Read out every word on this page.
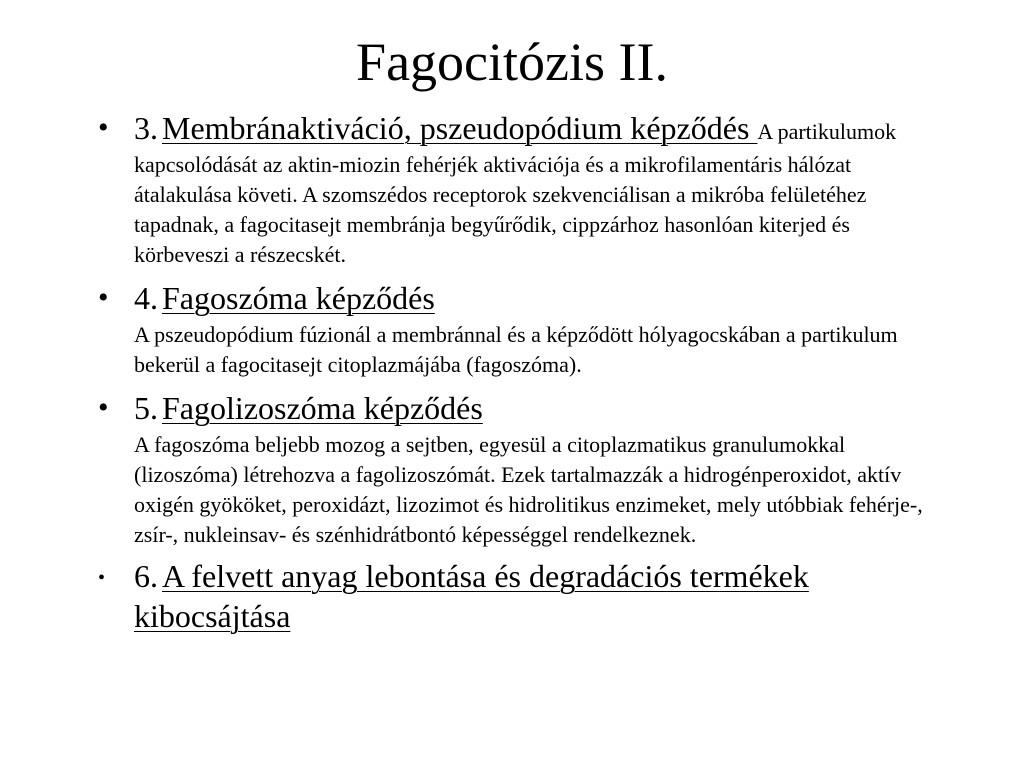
Fagocitózis II.
• 3. Membránaktiváció, pszeudopódium képződés A partikulumok kapcsolódását az aktin-miozin fehérjék aktivációja és a mikrofilamentáris hálózat átalakulása követi. A szomszédos receptorok szekvenciálisan a mikróba felületéhez tapadnak, a fagocitasejt membránja begyűrődik, cippzárhoz hasonlóan kiterjed és körbeveszi a részecskét.
• 4. Fagoszóma képződés
A pszeudopódium fúzionál a membránnal és a képződött hólyagocskában a partikulum bekerül a fagocitasejt citoplazmájába (fagoszóma).
• 5. Fagolizoszóma képződés
A fagoszóma beljebb mozog a sejtben, egyesül a citoplazmatikus granulumokkal (lizoszóma) létrehozva a fagolizoszómát. Ezek tartalmazzák a hidrogénperoxidot, aktív oxigén gyököket, peroxidázt, lizozimot és hidrolitikus enzimeket, mely utóbbiak fehérje-, zsír-, nukleinsav- és szénhidrátbontó képességgel rendelkeznek.
• 6. A felvett anyag lebontása és degradációs termékek kibocsájtása
